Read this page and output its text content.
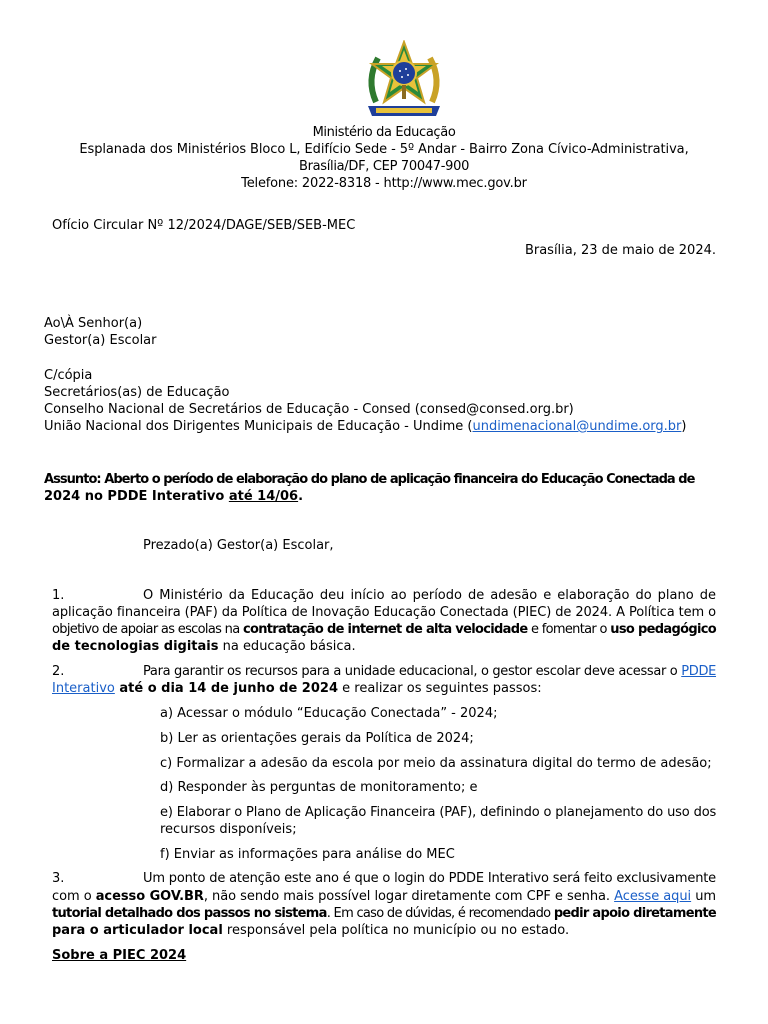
Ministério da Educação
Esplanada dos Ministérios Bloco L, Edifício Sede - 5º Andar - Bairro Zona Cívico-Administrativa,
Brasília/DF, CEP 70047-900
Telefone: 2022-8318 - http://www.mec.gov.br
Ofício Circular Nº 12/2024/DAGE/SEB/SEB-MEC
Brasília, 23 de maio de 2024.
Ao\À Senhor(a)
Gestor(a) Escolar
C/cópia
Secretários(as) de Educação
Conselho Nacional de Secretários de Educação - Consed (consed@consed.org.br)
União Nacional dos Dirigentes Municipais de Educação - Undime (undimenacional@undime.org.br)
Assunto: Aberto o período de elaboração do plano de aplicação financeira do Educação Conectada de
2024 no PDDE Interativo até 14/06.
Prezado(a) Gestor(a) Escolar,
1.	O Ministério da Educação deu início ao período de adesão e elaboração do plano de
aplicação financeira (PAF) da Política de Inovação Educação Conectada (PIEC) de 2024. A Política tem o
objetivo de apoiar as escolas na contratação de internet de alta velocidade e fomentar o uso pedagógico
de tecnologias digitais na educação básica.
2.	Para garantir os recursos para a unidade educacional, o gestor escolar deve acessar o PDDE
Interativo até o dia 14 de junho de 2024 e realizar os seguintes passos:
a) Acessar o módulo “Educação Conectada” - 2024;
b) Ler as orientações gerais da Política de 2024;
c) Formalizar a adesão da escola por meio da assinatura digital do termo de adesão;
d) Responder às perguntas de monitoramento; e
e) Elaborar o Plano de Aplicação Financeira (PAF), definindo o planejamento do uso dos
recursos disponíveis;
f) Enviar as informações para análise do MEC
3.	Um ponto de atenção este ano é que o login do PDDE Interativo será feito exclusivamente
com o acesso GOV.BR, não sendo mais possível logar diretamente com CPF e senha. Acesse aqui um
tutorial detalhado dos passos no sistema. Em caso de dúvidas, é recomendado pedir apoio diretamente
para o articulador local responsável pela política no município ou no estado.
Sobre a PIEC 2024
